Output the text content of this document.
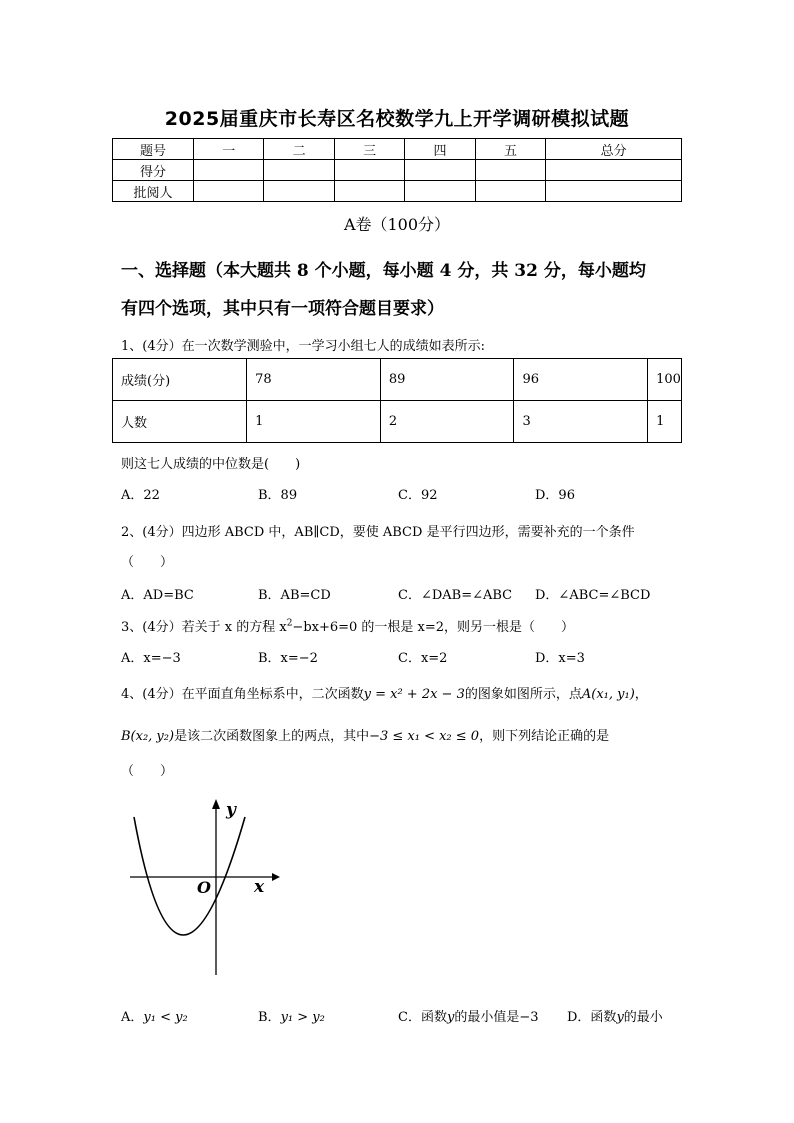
2025届重庆市长寿区名校数学九上开学调研模拟试题
题号	一	二	三	四	五	总分
得分						
批阅人						
A卷（100分）
一、选择题（本大题共 8 个小题，每小题 4 分，共 32 分，每小题均
有四个选项，其中只有一项符合题目要求）
1、(4分）在一次数学测验中，一学习小组七人的成绩如表所示:
成绩(分)	78	89	96	100
人数	1	2	3	1
则这七人成绩的中位数是(　　)
A．22	B．89	C．92	D．96
2、(4分）四边形 ABCD 中，AB∥CD，要使 ABCD 是平行四边形，需要补充的一个条件
（　　）
A．AD=BC	B．AB=CD	C．∠DAB=∠ABC D．∠ABC=∠BCD
3、(4分）若关于 x 的方程 $x^2-bx+6=0$ 的一根是 x=2，则另一根是（　　）
A．x=−3	B．x=−2	C．x=2	D．x=3
4、(4分）在平面直角坐标系中，二次函数y = x² + 2x − 3的图象如图所示，点A(x₁, y₁)，
B(x₂, y₂)是该二次函数图象上的两点，其中−3 ≤ x₁ < x₂ ≤ 0，则下列结论正确的是
（　　）
y
x
O
A．y₁ < y₂	B．y₁ > y₂	C．函数y的最小值是−3 D．函数y的最小
